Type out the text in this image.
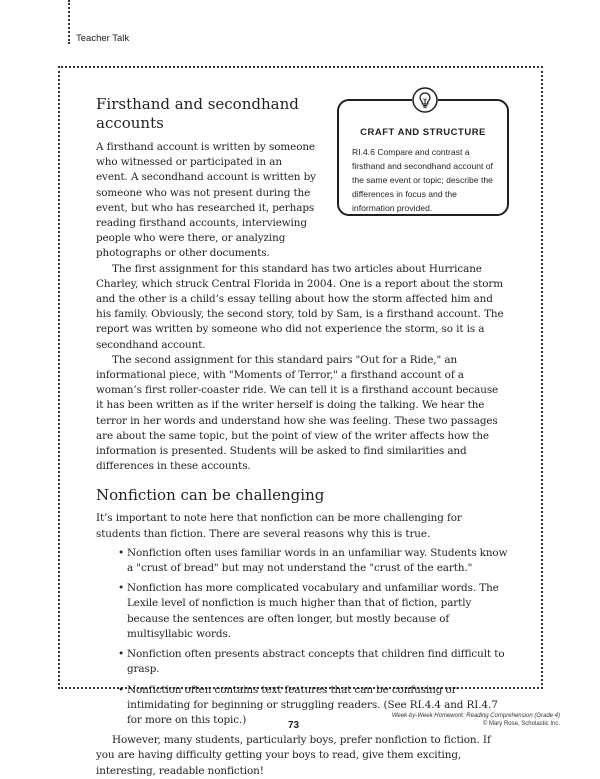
Teacher Talk
CRAFT AND STRUCTURE
RI.4.6 Compare and contrast a firsthand and secondhand account of the same event or topic; describe the differences in focus and the information provided.
Firsthand and secondhand accounts

A firsthand account is written by someone who witnessed or participated in an event. A secondhand account is written by someone who was not present during the event, but who has researched it, perhaps reading firsthand accounts, interviewing people who were there, or analyzing photographs or other documents.

The first assignment for this standard has two articles about Hurricane Charley, which struck Central Florida in 2004. One is a report about the storm and the other is a child’s essay telling about how the storm affected him and his family. Obviously, the second story, told by Sam, is a firsthand account. The report was written by someone who did not experience the storm, so it is a secondhand account.

The second assignment for this standard pairs "Out for a Ride," an informational piece, with "Moments of Terror," a firsthand account of a woman’s first roller-coaster ride. We can tell it is a firsthand account because it has been written as if the writer herself is doing the talking. We hear the terror in her words and understand how she was feeling. These two passages are about the same topic, but the point of view of the writer affects how the information is presented. Students will be asked to find similarities and differences in these accounts.

Nonfiction can be challenging

It’s important to note here that nonfiction can be more challenging for students than fiction. There are several reasons why this is true.

• Nonfiction often uses familiar words in an unfamiliar way. Students know a "crust of bread" but may not understand the "crust of the earth."
• Nonfiction has more complicated vocabulary and unfamiliar words. The Lexile level of nonfiction is much higher than that of fiction, partly because the sentences are often longer, but mostly because of multisyllabic words.
• Nonfiction often presents abstract concepts that children find difficult to grasp.
• Nonfiction often contains text features that can be confusing or intimidating for beginning or struggling readers. (See RI.4.4 and RI.4.7 for more on this topic.)

However, many students, particularly boys, prefer nonfiction to fiction. If you are having difficulty getting your boys to read, give them exciting, interesting, readable nonfiction!

73
Week-by-Week Homework: Reading Comprehension (Grade 4)
© Mary Rose, Scholastic Inc.
